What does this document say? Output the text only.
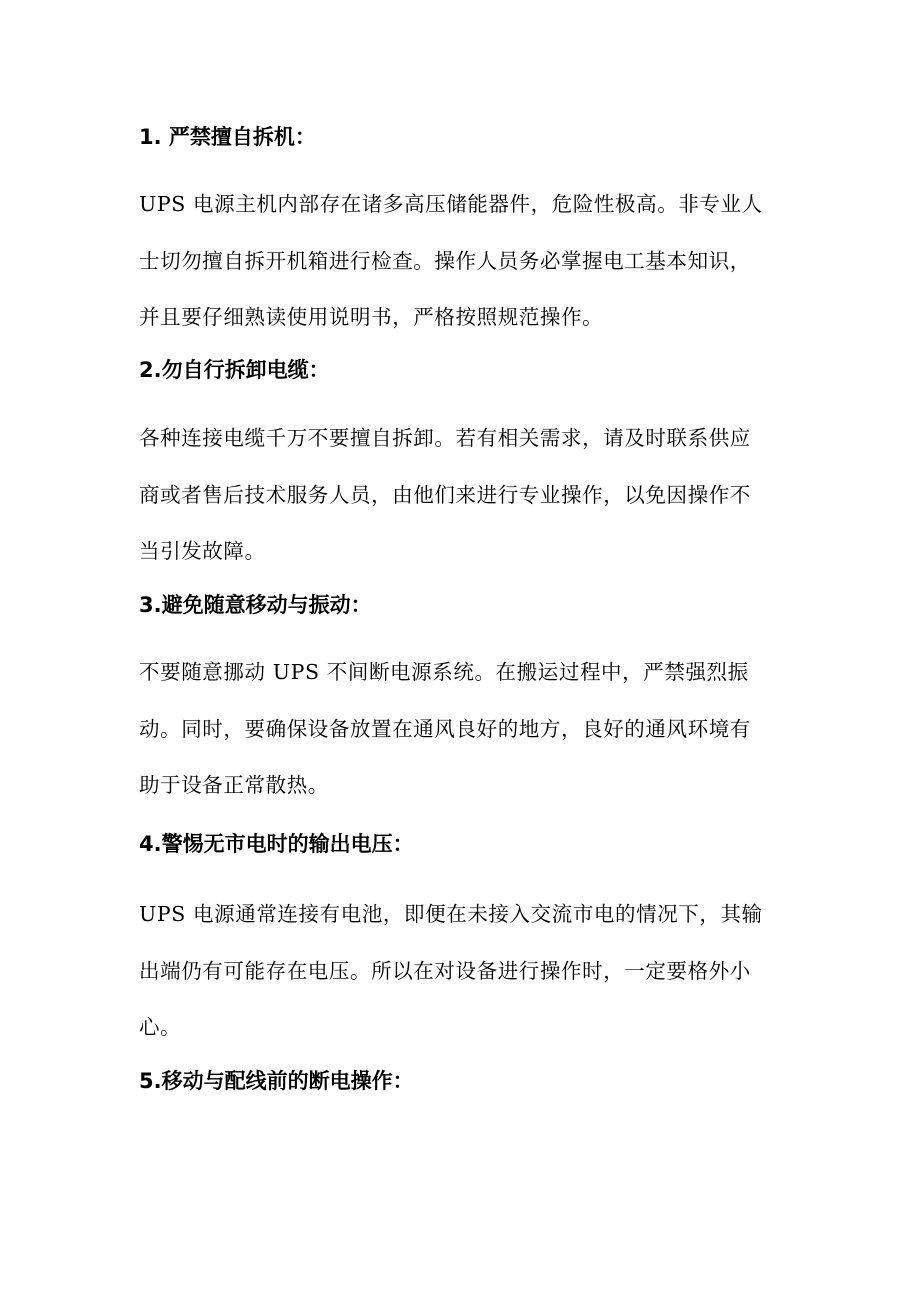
1. 严禁擅自拆机：
UPS 电源主机内部存在诸多高压储能器件，危险性极高。非专业人
士切勿擅自拆开机箱进行检查。操作人员务必掌握电工基本知识，
并且要仔细熟读使用说明书，严格按照规范操作。
2.勿自行拆卸电缆：
各种连接电缆千万不要擅自拆卸。若有相关需求，请及时联系供应
商或者售后技术服务人员，由他们来进行专业操作，以免因操作不
当引发故障。
3.避免随意移动与振动：
不要随意挪动 UPS 不间断电源系统。在搬运过程中，严禁强烈振
动。同时，要确保设备放置在通风良好的地方，良好的通风环境有
助于设备正常散热。
4.警惕无市电时的输出电压：
UPS 电源通常连接有电池，即便在未接入交流市电的情况下，其输
出端仍有可能存在电压。所以在对设备进行操作时，一定要格外小
心。
5.移动与配线前的断电操作：
